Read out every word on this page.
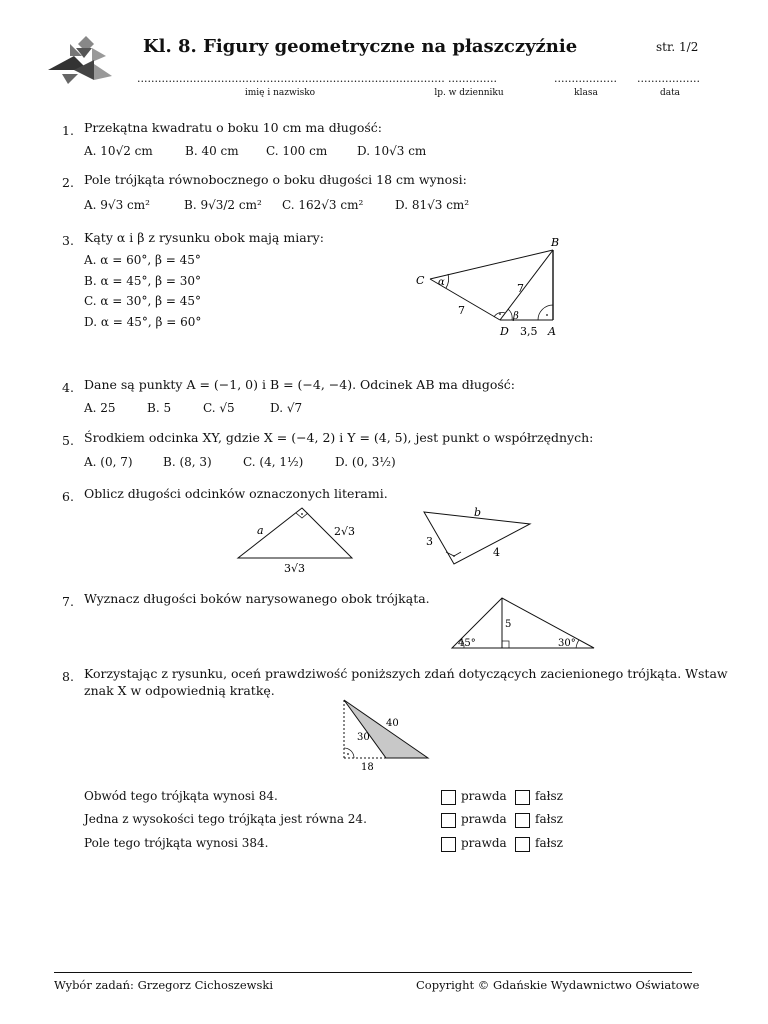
Kl. 8. Figury geometryczne na płaszczyźnie	str. 1/2
........................................................................................
imię i nazwisko
..............
lp. w dzienniku
..................
klasa
..................
data
1. Przekątna kwadratu o boku 10 cm ma długość:
A. 10√2 cm	B. 40 cm C. 100 cm D. 10√3 cm
2. Pole trójkąta równobocznego o boku długości 18 cm wynosi:
A. 9√3 cm²	B. 9√3/2 cm² C. 162√3 cm²	D. 81√3 cm²
3. Kąty α i β z rysunku obok mają miary:
A. α = 60°, β = 45°
B. α = 45°, β = 30°
C. α = 30°, β = 45°
D. α = 45°, β = 60°
C
B
D	A
α
β
7
7
3,5
4. Dane są punkty A = (−1, 0) i B = (−4, −4). Odcinek AB ma długość:
A. 25	B. 5	C. √5	D. √7
5. Środkiem odcinka XY, gdzie X = (−4, 2) i Y = (4, 5), jest punkt o współrzędnych:
A. (0, 7)	B. (8, 3)	C. (4, 1½)	D. (0, 3½)
6. Oblicz długości odcinków oznaczonych literami.
a	2√3
3√3
b
3
4
7. Wyznacz długości boków narysowanego obok trójkąta.
5
45°	30°
8. Korzystając z rysunku, oceń prawdziwość poniższych zdań dotyczących zacienionego trójkąta. Wstaw
znak X w odpowiednią kratkę.
40
30
18
Obwód tego trójkąta wynosi 84.	prawda fałsz
Jedna z wysokości tego trójkąta jest równa 24.	prawda fałsz
Pole tego trójkąta wynosi 384.	prawda fałsz
Wybór zadań: Grzegorz Cichoszewski	Copyright © Gdańskie Wydawnictwo Oświatowe
